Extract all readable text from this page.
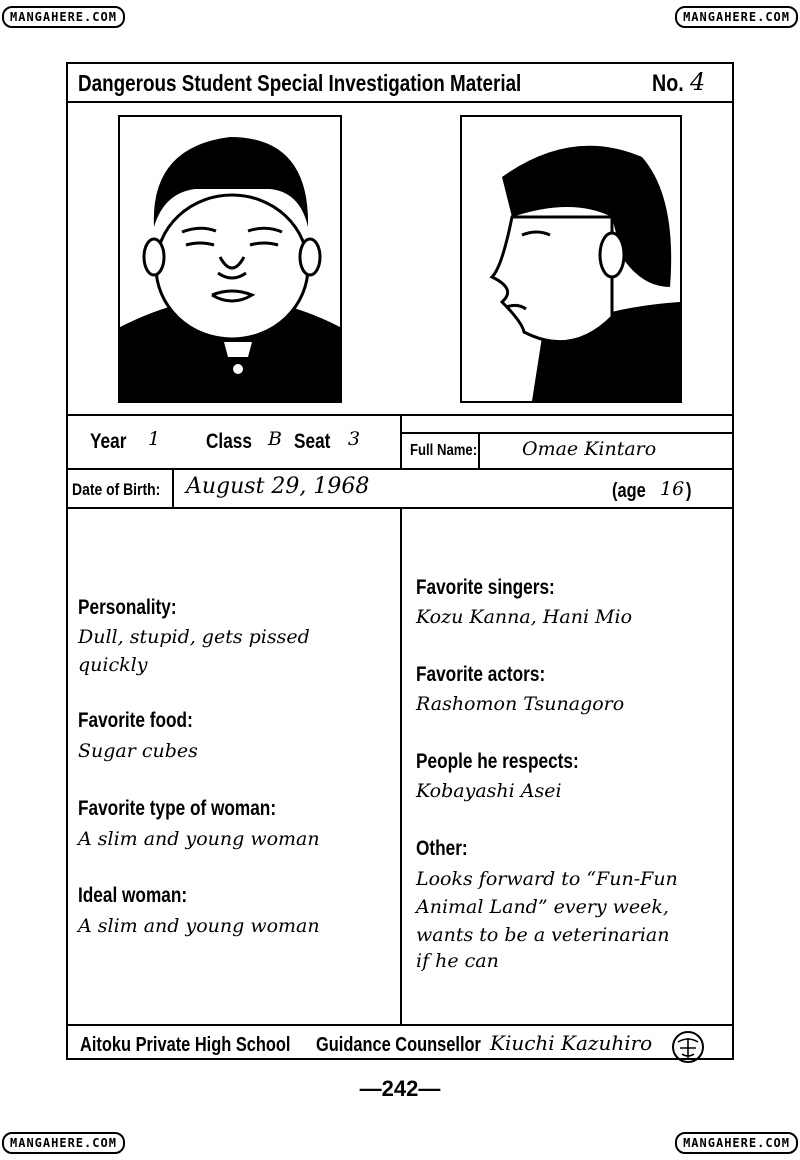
MANGAHERE.COM	MANGAHERE.COM
MANGAHERE.COM	MANGAHERE.COM
Dangerous Student Special Investigation Material	No. 4
Year 1 Class B Seat 3
Full Name: Omae Kintaro
Date of Birth: August 29, 1968	(age 16 )
Personality:
Dull, stupid, gets pissed
quickly
Favorite food:
Sugar cubes
Favorite type of woman:
A slim and young woman
Ideal woman:
A slim and young woman
Favorite singers:
Kozu Kanna, Hani Mio
Favorite actors:
Rashomon Tsunagoro
People he respects:
Kobayashi Asei
Other:
Looks forward to “Fun-Fun
Animal Land” every week,
wants to be a veterinarian
if he can
Aitoku Private High School Guidance Counsellor Kiuchi Kazuhiro
—242—
